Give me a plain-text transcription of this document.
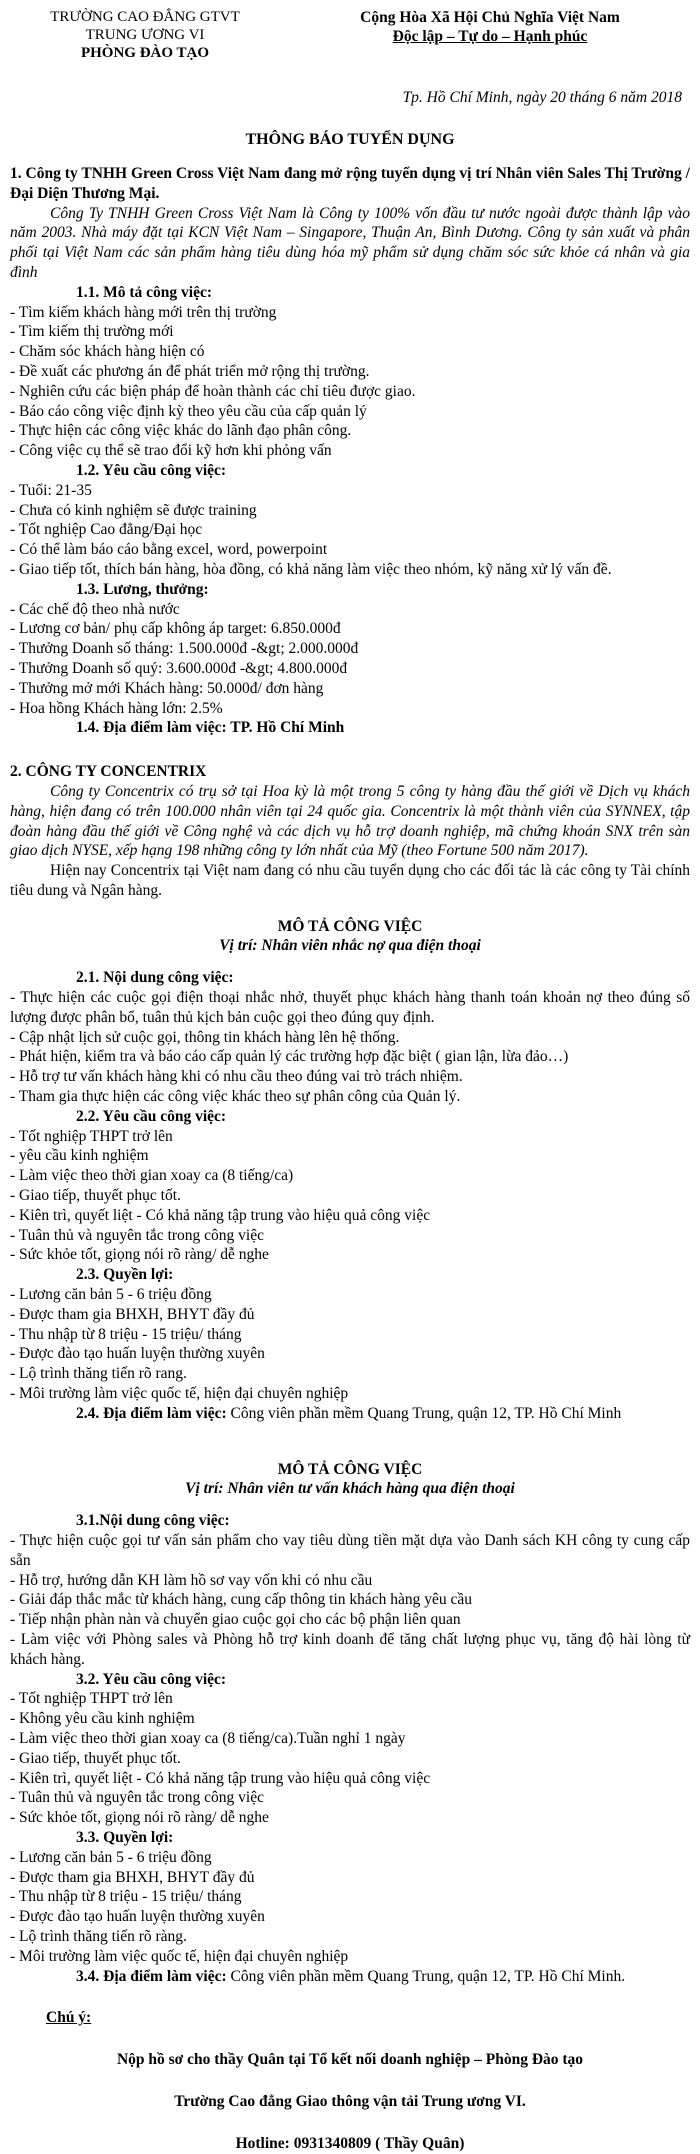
TRƯỜNG CAO ĐẲNG GTVT
TRUNG ƯƠNG VI
PHÒNG ĐÀO TẠO
Cộng Hòa Xã Hội Chủ Nghĩa Việt Nam
Độc lập – Tự do – Hạnh phúc
Tp. Hồ Chí Minh, ngày 20 tháng 6 năm 2018
THÔNG BÁO TUYỂN DỤNG
1. Công ty TNHH Green Cross Việt Nam đang mở rộng tuyển dụng vị trí Nhân viên Sales Thị Trường / Đại Diện Thương Mại.
Công Ty TNHH Green Cross Việt Nam là Công ty 100% vốn đầu tư nước ngoài được thành lập vào năm 2003. Nhà máy đặt tại KCN Việt Nam – Singapore, Thuận An, Bình Dương. Công ty sản xuất và phân phối tại Việt Nam các sản phẩm hàng tiêu dùng hóa mỹ phẩm sử dụng chăm sóc sức khỏe cá nhân và gia đình
1.1. Mô tả công việc:
- Tìm kiếm khách hàng mới trên thị trường
- Tìm kiếm thị trường mới
- Chăm sóc khách hàng hiện có
- Đề xuất các phương án để phát triển mở rộng thị trường.
- Nghiên cứu các biện pháp để hoàn thành các chỉ tiêu được giao.
- Báo cáo công việc định kỳ theo yêu cầu của cấp quản lý
- Thực hiện các công việc khác do lãnh đạo phân công.
- Công việc cụ thể sẽ trao đổi kỹ hơn khi phỏng vấn
1.2. Yêu cầu công việc:
- Tuổi: 21-35
- Chưa có kinh nghiệm sẽ được training
- Tốt nghiệp Cao đẳng/Đại học
- Có thể làm báo cáo bằng excel, word, powerpoint
- Giao tiếp tốt, thích bán hàng, hòa đồng, có khả năng làm việc theo nhóm, kỹ năng xử lý vấn đề.
1.3. Lương, thưởng:
- Các chế độ theo nhà nước
- Lương cơ bản/ phụ cấp không áp target: 6.850.000đ
- Thưởng Doanh số tháng: 1.500.000đ -&gt; 2.000.000đ
- Thưởng Doanh số quý: 3.600.000đ -&gt; 4.800.000đ
- Thưởng mở mới Khách hàng: 50.000đ/ đơn hàng
- Hoa hồng Khách hàng lớn: 2.5%
1.4. Địa điểm làm việc: TP. Hồ Chí Minh
2. CÔNG TY CONCENTRIX
Công ty Concentrix có trụ sở tại Hoa kỳ là một trong 5 công ty hàng đầu thế giới về Dịch vụ khách hàng, hiện đang có trên 100.000 nhân viên tại 24 quốc gia. Concentrix là một thành viên của SYNNEX, tập đoàn hàng đầu thế giới về Công nghệ và các dịch vụ hỗ trợ doanh nghiệp, mã chứng khoán SNX trên sàn giao dịch NYSE, xếp hạng 198 những công ty lớn nhất của Mỹ (theo Fortune 500 năm 2017).
Hiện nay Concentrix tại Việt nam đang có nhu cầu tuyển dụng cho các đối tác là các công ty Tài chính tiêu dung và Ngân hàng.
MÔ TẢ CÔNG VIỆC
Vị trí: Nhân viên nhắc nợ qua điện thoại
2.1. Nội dung công việc:
- Thực hiện các cuộc gọi điện thoại nhắc nhở, thuyết phục khách hàng thanh toán khoản nợ theo đúng số lượng được phân bổ, tuân thủ kịch bản cuộc gọi theo đúng quy định.
- Cập nhật lịch sử cuộc gọi, thông tin khách hàng lên hệ thống.
- Phát hiện, kiểm tra và báo cáo cấp quản lý các trường hợp đặc biệt ( gian lận, lừa đảo…)
- Hỗ trợ tư vấn khách hàng khi có nhu cầu theo đúng vai trò trách nhiệm.
- Tham gia thực hiện các công việc khác theo sự phân công của Quản lý.
2.2. Yêu cầu công việc:
- Tốt nghiệp THPT trở lên
- yêu cầu kinh nghiệm
- Làm việc theo thời gian xoay ca (8 tiếng/ca)
- Giao tiếp, thuyết phục tốt.
- Kiên trì, quyết liệt - Có khả năng tập trung vào hiệu quả công việc
- Tuân thủ và nguyên tắc trong công việc
- Sức khỏe tốt, giọng nói rõ ràng/ dễ nghe
2.3. Quyền lợi:
- Lương căn bản 5 - 6 triệu đồng
- Được tham gia BHXH, BHYT đầy đủ
- Thu nhập từ 8 triệu - 15 triệu/ tháng
- Được đào tạo huấn luyện thường xuyên
- Lộ trình thăng tiến rõ rang.
- Môi trường làm việc quốc tế, hiện đại chuyên nghiệp
2.4. Địa điểm làm việc: Công viên phần mềm Quang Trung, quận 12, TP. Hồ Chí Minh
MÔ TẢ CÔNG VIỆC
Vị trí: Nhân viên tư vấn khách hàng qua điện thoại
3.1.Nội dung công việc:
- Thực hiện cuộc gọi tư vấn sản phẩm cho vay tiêu dùng tiền mặt dựa vào Danh sách KH công ty cung cấp sẵn
- Hỗ trợ, hướng dẫn KH làm hồ sơ vay vốn khi có nhu cầu
- Giải đáp thắc mắc từ khách hàng, cung cấp thông tin khách hàng yêu cầu
- Tiếp nhận phàn nàn và chuyển giao cuộc gọi cho các bộ phận liên quan
- Làm việc với Phòng sales và Phòng hỗ trợ kinh doanh để tăng chất lượng phục vụ, tăng độ hài lòng từ khách hàng.
3.2. Yêu cầu công việc:
- Tốt nghiệp THPT trở lên
- Không yêu cầu kinh nghiệm
- Làm việc theo thời gian xoay ca (8 tiếng/ca).Tuần nghỉ 1 ngày
- Giao tiếp, thuyết phục tốt.
- Kiên trì, quyết liệt - Có khả năng tập trung vào hiệu quả công việc
- Tuân thủ và nguyên tắc trong công việc
- Sức khỏe tốt, giọng nói rõ ràng/ dễ nghe
3.3. Quyền lợi:
- Lương căn bản 5 - 6 triệu đồng
- Được tham gia BHXH, BHYT đầy đủ
- Thu nhập từ 8 triệu - 15 triệu/ tháng
- Được đào tạo huấn luyện thường xuyên
- Lộ trình thăng tiến rõ ràng.
- Môi trường làm việc quốc tế, hiện đại chuyên nghiệp
3.4. Địa điểm làm việc: Công viên phần mềm Quang Trung, quận 12, TP. Hồ Chí Minh.
Chú ý:
Nộp hồ sơ cho thầy Quân tại Tổ kết nối doanh nghiệp – Phòng Đào tạo
Trường Cao đẳng Giao thông vận tải Trung ương VI.
Hotline: 0931340809 ( Thầy Quân)
